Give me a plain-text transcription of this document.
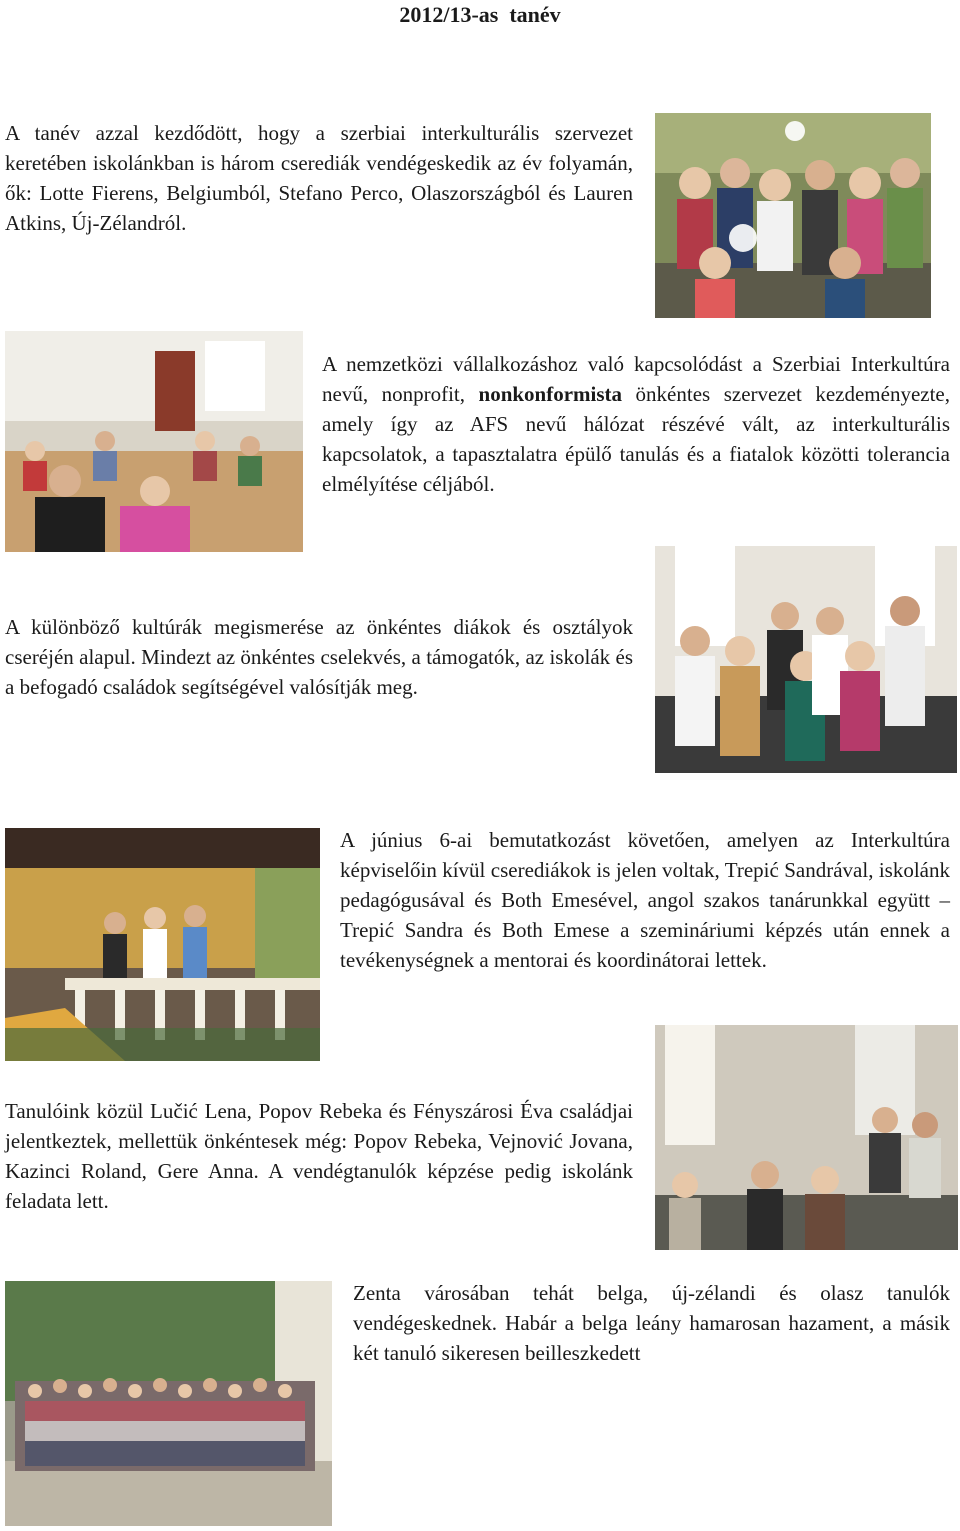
2012/13-as  tanév

A tanév azzal kezdődött, hogy a szerbiai interkulturális szervezet keretében iskolánkban is három cserediák vendégeskedik az év folyamán, ők: Lotte Fierens, Belgiumból, Stefano Perco, Olaszországból és Lauren Atkins, Új-Zélandról.

A nemzetközi vállalkozáshoz való kapcsolódást a Szerbiai Interkultúra nevű, nonprofit, nonkonformista önkéntes szervezet kezdeményezte, amely így az AFS nevű hálózat részévé vált, az interkulturális kapcsolatok, a tapasztalatra épülő tanulás és a fiatalok közötti tolerancia elmélyítése céljából.

A különböző kultúrák megismerése az önkéntes diákok és osztályok cseréjén alapul. Mindezt az önkéntes cselekvés, a támogatók, az iskolák és a befogadó családok segítségével valósítják meg.

A június 6-ai bemutatkozást követően, amelyen az Interkultúra képviselőin kívül cserediákok is jelen voltak, Trepić Sandrával, iskolánk pedagógusával és Both Emesével, angol szakos tanárunkkal együtt – Trepić Sandra és Both Emese a szemináriumi képzés után ennek a tevékenységnek a mentorai és koordinátorai lettek.

Tanulóink közül Lučić Lena, Popov Rebeka és Fényszárosi Éva családjai jelentkeztek, mellettük önkéntesek még: Popov Rebeka, Vejnović Jovana, Kazinci Roland, Gere Anna. A vendégtanulók képzése pedig iskolánk feladata lett.

Zenta városában tehát belga, új-zélandi és olasz tanulók vendégeskednek. Habár a belga leány hamarosan hazament, a másik két tanuló sikeresen beilleszkedett
